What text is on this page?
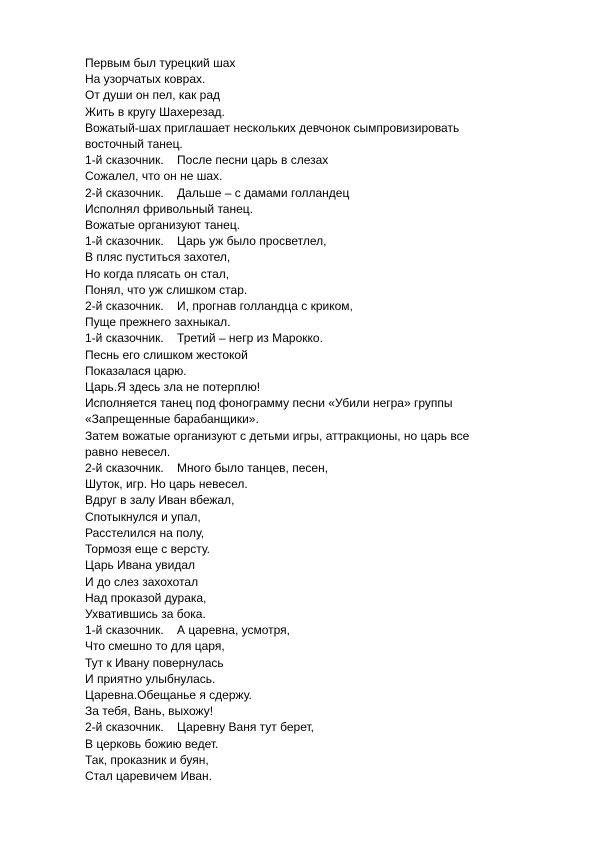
Первым был турецкий шах
На узорчатых коврах.
От души он пел, как рад
Жить в кругу Шахерезад.
Вожатый-шах приглашает нескольких девчонок сымпровизировать
восточный танец.
1-й сказочник.    После песни царь в слезах
Сожалел, что он не шах.
2-й сказочник.    Дальше – с дамами голландец
Исполнял фривольный танец.
Вожатые организуют танец.
1-й сказочник.    Царь уж было просветлел,
В пляс пуститься захотел,
Но когда плясать он стал,
Понял, что уж слишком стар.
2-й сказочник.    И, прогнав голландца с криком,
Пуще прежнего захныкал.
1-й сказочник.    Третий – негр из Марокко.
Песнь его слишком жестокой
Показалася царю.
Царь.Я здесь зла не потерплю!
Исполняется танец под фонограмму песни «Убили негра» группы
«Запрещенные барабанщики».
Затем вожатые организуют с детьми игры, аттракционы, но царь все
равно невесел.
2-й сказочник.    Много было танцев, песен,
Шуток, игр. Но царь невесел.
Вдруг в залу Иван вбежал,
Спотыкнулся и упал,
Расстелился на полу,
Тормозя еще с версту.
Царь Ивана увидал
И до слез захохотал
Над проказой дурака,
Ухватившись за бока.
1-й сказочник.    А царевна, усмотря,
Что смешно то для царя,
Тут к Ивану повернулась
И приятно улыбнулась.
Царевна.Обещанье я сдержу.
За тебя, Вань, выхожу!
2-й сказочник.    Царевну Ваня тут берет,
В церковь божию ведет.
Так, проказник и буян,
Стал царевичем Иван.
